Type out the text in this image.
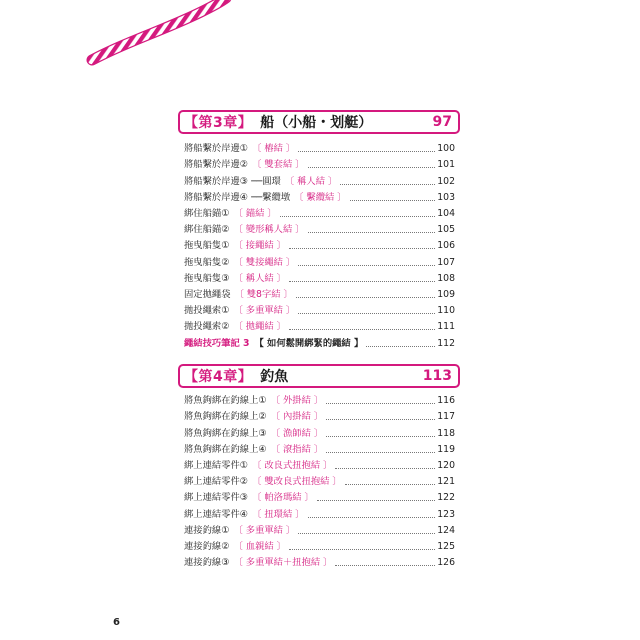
【第3章】 船（小船・划艇）	97
將船繫於岸邊① 〔 樁結 〕	100
將船繫於岸邊② 〔 雙套結 〕	101
將船繫於岸邊③ ──圓環 〔 稱人結 〕	102
將船繫於岸邊④ ──繫纜墩 〔 繫纜結 〕	103
綁住船錨① 〔 錨結 〕	104
綁住船錨② 〔 變形稱人結 〕	105
拖曳船隻① 〔 接繩結 〕	106
拖曳船隻② 〔 雙接繩結 〕	107
拖曳船隻③ 〔 稱人結 〕	108
固定拋繩袋 〔 雙8字結 〕	109
拋投繩索① 〔 多重單結 〕	110
拋投繩索② 〔 拋繩結 〕	111
繩結技巧筆記 3 【 如何鬆開綁緊的繩結 】	112
【第4章】 釣魚	113
將魚鉤綁在釣線上① 〔 外掛結 〕	116
將魚鉤綁在釣線上② 〔 內掛結 〕	117
將魚鉤綁在釣線上③ 〔 漁師結 〕	118
將魚鉤綁在釣線上④ 〔 滾指結 〕	119
綁上連結零件① 〔 改良式扭抱結 〕	120
綁上連結零件② 〔 雙改良式扭抱結 〕	121
綁上連結零件③ 〔 帕洛瑪結 〕	122
綁上連結零件④ 〔 扭環結 〕	123
連接釣線① 〔 多重單結 〕	124
連接釣線② 〔 血親結 〕	125
連接釣線③ 〔 多重單結＋扭抱結 〕	126
6
